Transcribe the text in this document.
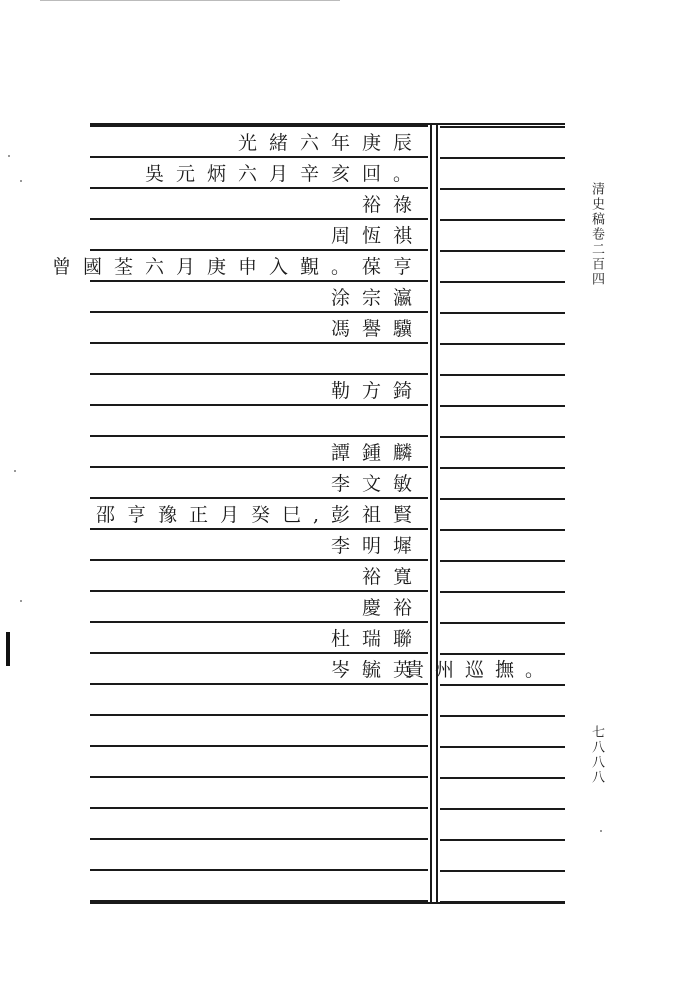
光緒六年庚辰
吳元炳六月辛亥回。
裕祿
周恆祺
曾國荃六月庚申入覲。葆亨
涂宗瀛
馮譽驥
勒方錡
譚鍾麟
李文敏
邵亨豫正月癸巳,彭祖賢
李明墀
裕寬
慶裕
杜瑞聯
岑毓英
貴州巡撫。
清史稿卷二百四
七八八八
